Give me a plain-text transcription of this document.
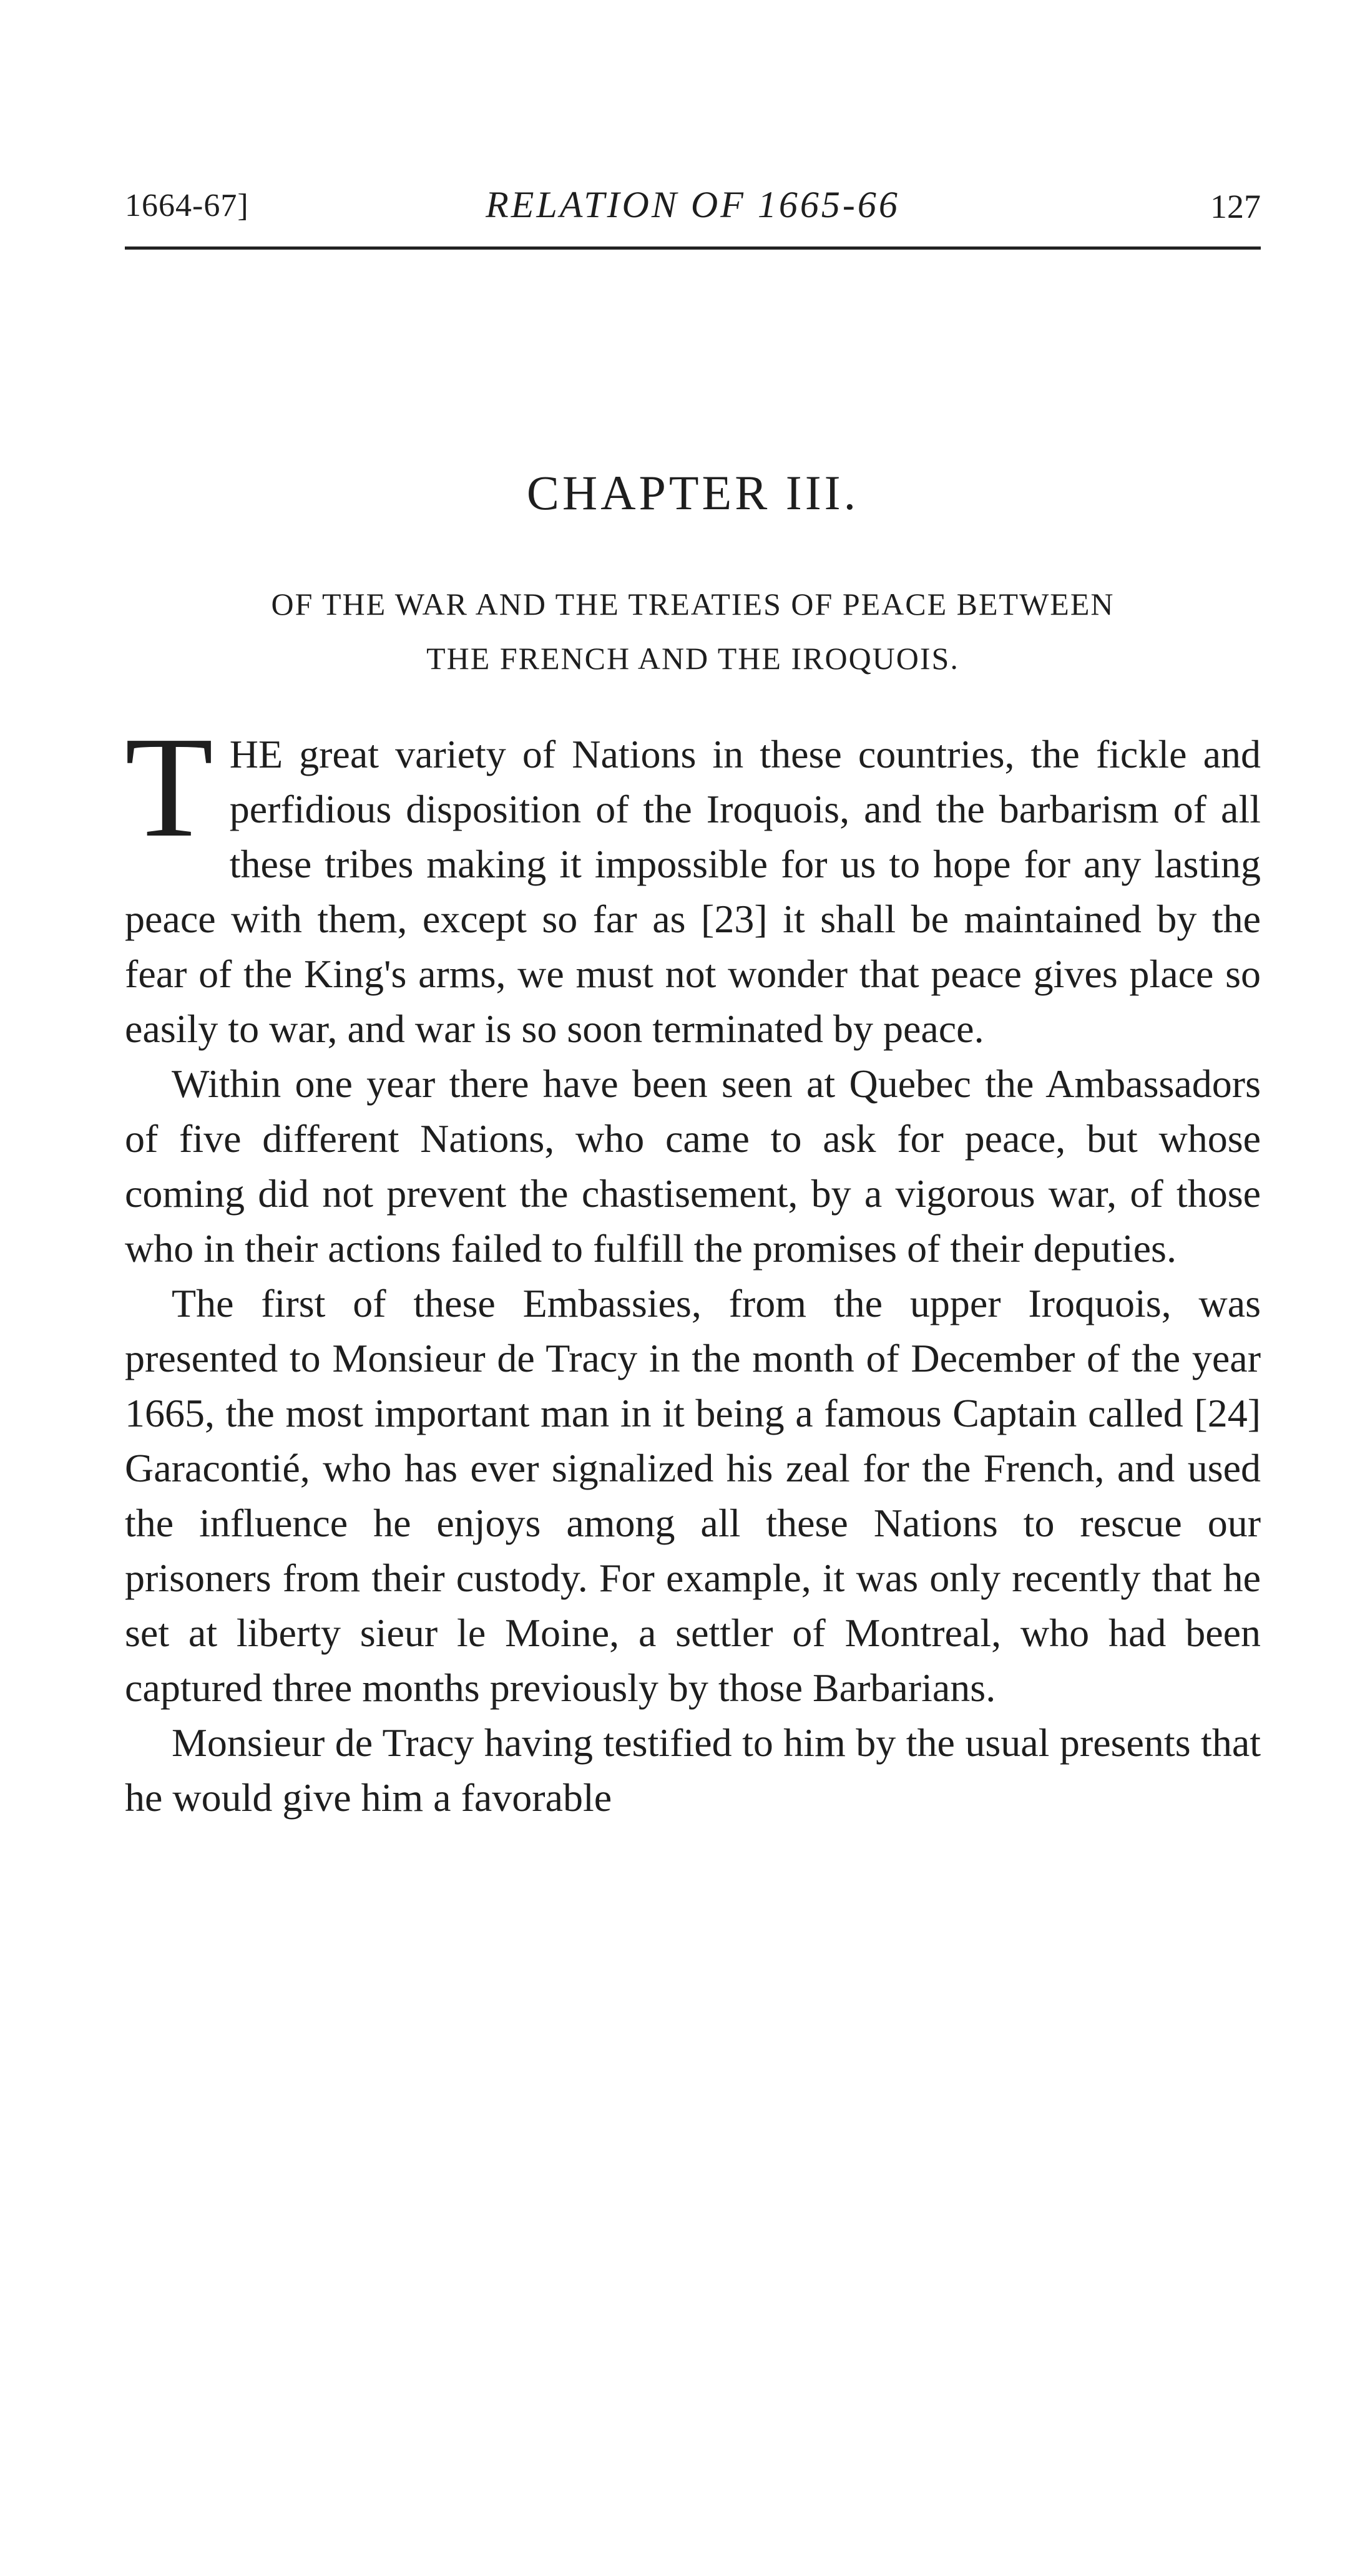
1664-67]	RELATION OF 1665-66	127
CHAPTER III.
OF THE WAR AND THE TREATIES OF PEACE BETWEEN
THE FRENCH AND THE IROQUOIS.

THE great variety of Nations in these countries, the fickle and perfidious disposition of the Iroquois, and the barbarism of all these tribes making it impossible for us to hope for any lasting peace with them, except so far as [23] it shall be maintained by the fear of the King's arms, we must not wonder that peace gives place so easily to war, and war is so soon terminated by peace.

Within one year there have been seen at Quebec the Ambassadors of five different Nations, who came to ask for peace, but whose coming did not prevent the chastisement, by a vigorous war, of those who in their actions failed to fulfill the promises of their deputies.

The first of these Embassies, from the upper Iroquois, was presented to Monsieur de Tracy in the month of December of the year 1665, the most important man in it being a famous Captain called [24] Garacontié, who has ever signalized his zeal for the French, and used the influence he enjoys among all these Nations to rescue our prisoners from their custody. For example, it was only recently that he set at liberty sieur le Moine, a settler of Montreal, who had been captured three months previously by those Barbarians.

Monsieur de Tracy having testified to him by the usual presents that he would give him a favorable
